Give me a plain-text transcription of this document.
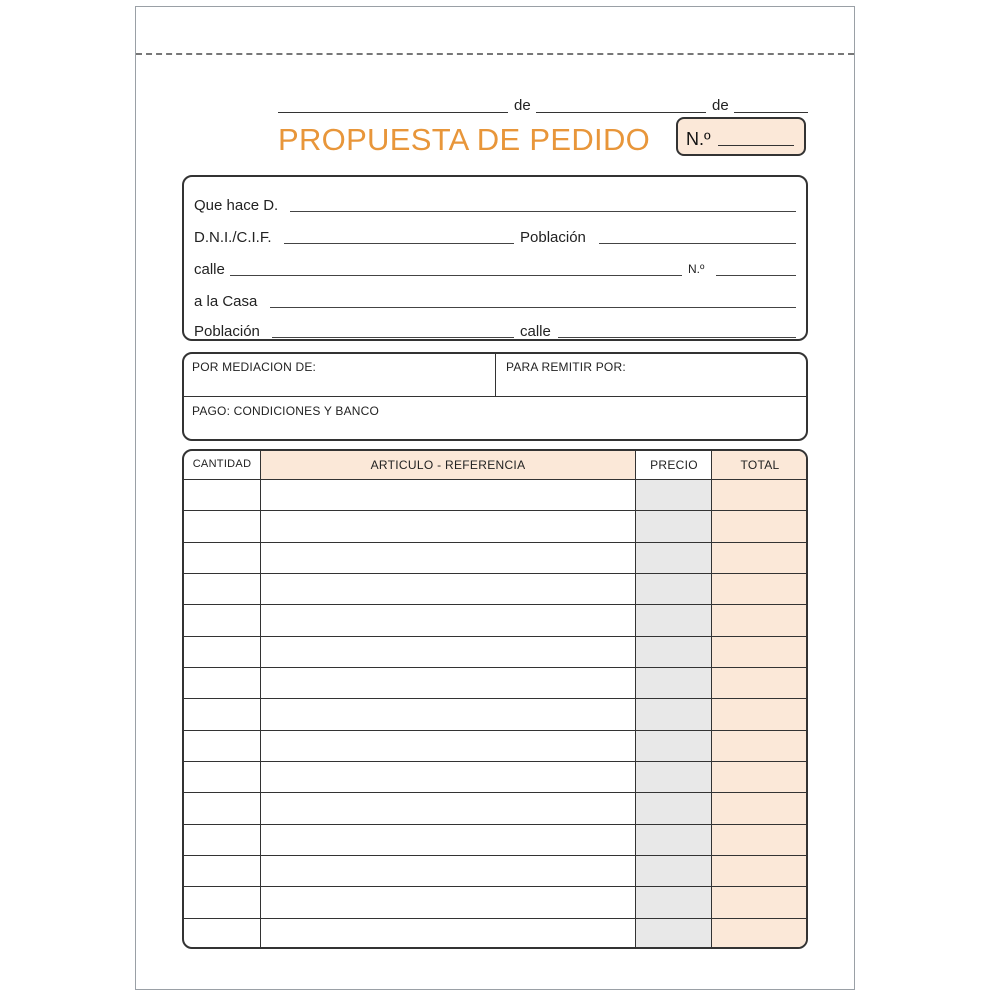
de	de
PROPUESTA DE PEDIDO N.º
Que hace D.
D.N.I./C.I.F.	Población
calle	N.º
a la Casa
Población	calle
POR MEDIACION DE:	PARA REMITIR POR:
PAGO: CONDICIONES Y BANCO
CANTIDAD	ARTICULO - REFERENCIA	PRECIO	TOTAL
